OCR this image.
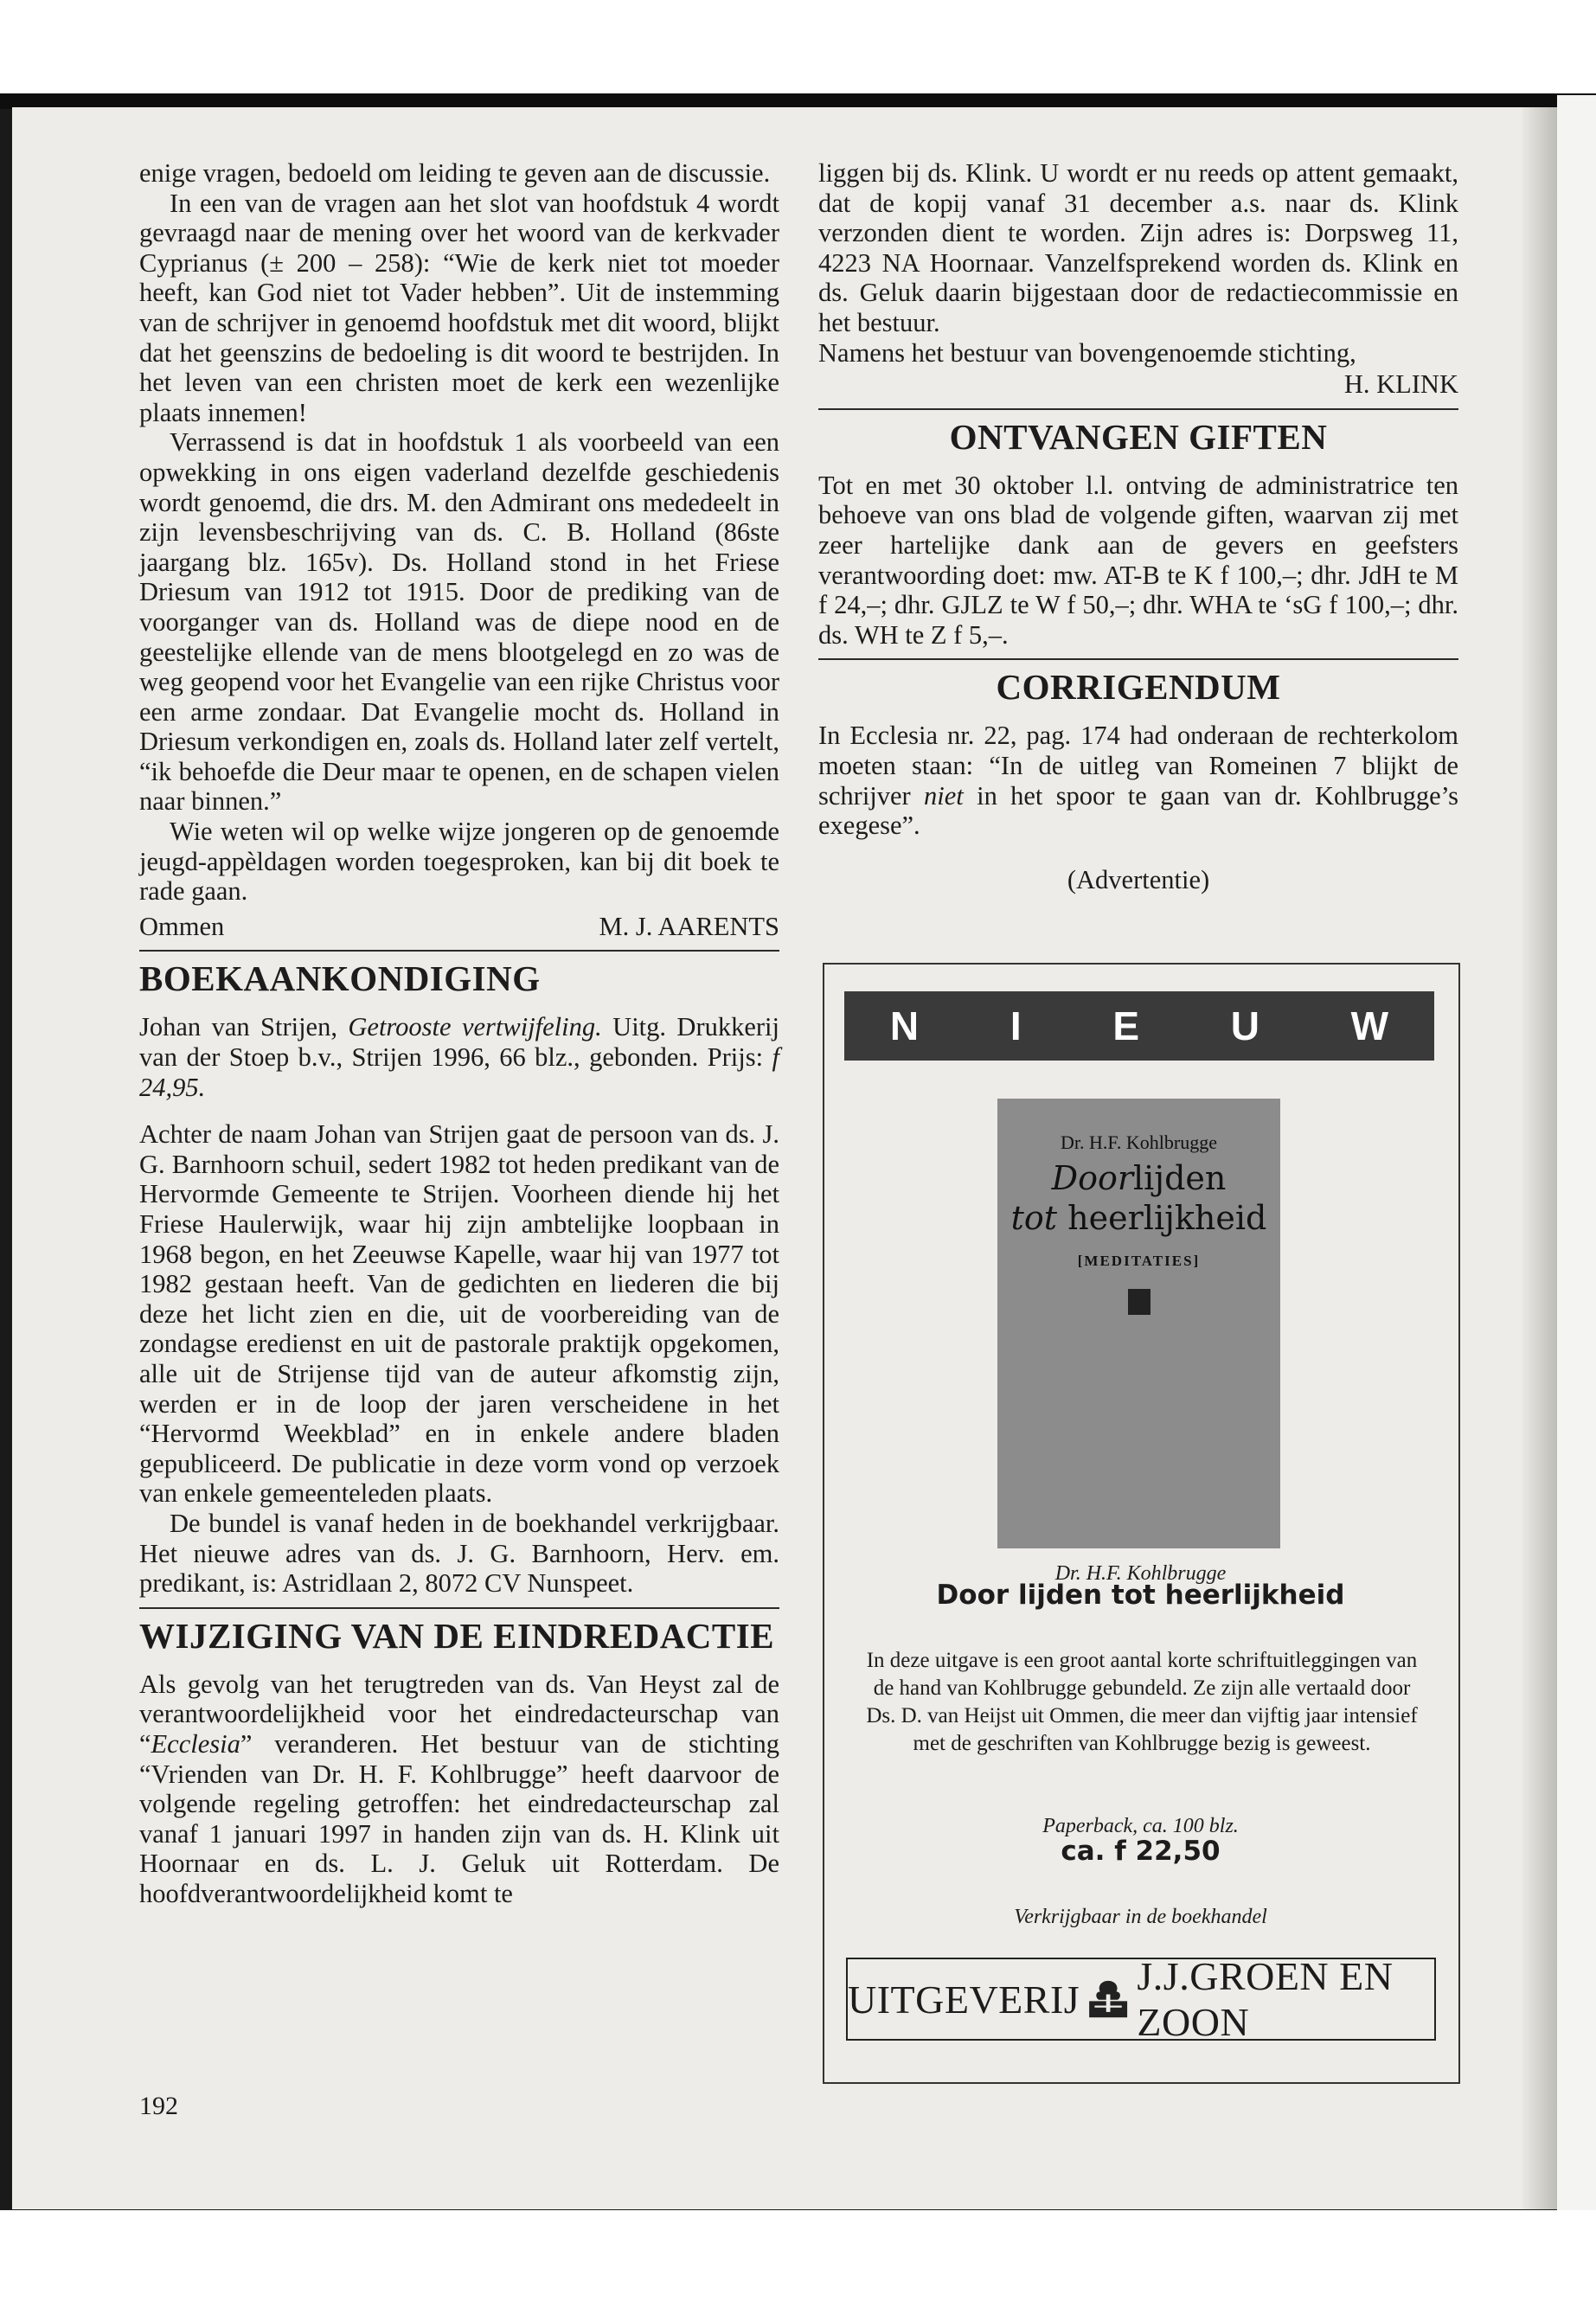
enige vragen, bedoeld om leiding te geven aan de discussie.

In een van de vragen aan het slot van hoofdstuk 4 wordt gevraagd naar de mening over het woord van de kerkvader Cyprianus (± 200 – 258): “Wie de kerk niet tot moeder heeft, kan God niet tot Vader hebben”. Uit de instemming van de schrijver in genoemd hoofdstuk met dit woord, blijkt dat het geenszins de bedoeling is dit woord te bestrijden. In het leven van een christen moet de kerk een wezenlijke plaats innemen!

Verrassend is dat in hoofdstuk 1 als voorbeeld van een opwekking in ons eigen vaderland dezelfde geschiedenis wordt genoemd, die drs. M. den Admirant ons mededeelt in zijn levensbeschrijving van ds. C. B. Holland (86ste jaargang blz. 165v). Ds. Holland stond in het Friese Driesum van 1912 tot 1915. Door de prediking van de voorganger van ds. Holland was de diepe nood en de geestelijke ellende van de mens blootgelegd en zo was de weg geopend voor het Evangelie van een rijke Christus voor een arme zondaar. Dat Evangelie mocht ds. Holland in Driesum verkondigen en, zoals ds. Holland later zelf vertelt, “ik behoefde die Deur maar te openen, en de schapen vielen naar binnen.”

Wie weten wil op welke wijze jongeren op de genoemde jeugd-appèldagen worden toegesproken, kan bij dit boek te rade gaan.

Ommen	M. J. AARENTS
BOEKAANKONDIGING

Johan van Strijen, Getrooste vertwijfeling. Uitg. Drukkerij van der Stoep b.v., Strijen 1996, 66 blz., gebonden. Prijs: f 24,95.

Achter de naam Johan van Strijen gaat de persoon van ds. J. G. Barnhoorn schuil, sedert 1982 tot heden predikant van de Hervormde Gemeente te Strijen. Voorheen diende hij het Friese Haulerwijk, waar hij zijn ambtelijke loopbaan in 1968 begon, en het Zeeuwse Kapelle, waar hij van 1977 tot 1982 gestaan heeft. Van de gedichten en liederen die bij deze het licht zien en die, uit de voorbereiding van de zondagse eredienst en uit de pastorale praktijk opgekomen, alle uit de Strijense tijd van de auteur afkomstig zijn, werden er in de loop der jaren verscheidene in het “Hervormd Weekblad” en in enkele andere bladen gepubliceerd. De publicatie in deze vorm vond op verzoek van enkele gemeenteleden plaats.

De bundel is vanaf heden in de boekhandel verkrijgbaar. Het nieuwe adres van ds. J. G. Barnhoorn, Herv. em. predikant, is: Astridlaan 2, 8072 CV Nunspeet.

WIJZIGING VAN DE EINDREDACTIE

Als gevolg van het terugtreden van ds. Van Heyst zal de verantwoordelijkheid voor het eindredacteurschap van “Ecclesia” veranderen. Het bestuur van de stichting “Vrienden van Dr. H. F. Kohlbrugge” heeft daarvoor de volgende regeling getroffen: het eindredacteurschap zal vanaf 1 januari 1997 in handen zijn van ds. H. Klink uit Hoornaar en ds. L. J. Geluk uit Rotterdam. De hoofdverantwoordelijkheid komt te

liggen bij ds. Klink. U wordt er nu reeds op attent gemaakt, dat de kopij vanaf 31 december a.s. naar ds. Klink verzonden dient te worden. Zijn adres is: Dorpsweg 11, 4223 NA Hoornaar. Vanzelfsprekend worden ds. Klink en ds. Geluk daarin bijgestaan door de redactiecommissie en het bestuur.

Namens het bestuur van bovengenoemde stichting,

H. KLINK
ONTVANGEN GIFTEN

Tot en met 30 oktober l.l. ontving de administratrice ten behoeve van ons blad de volgende giften, waarvan zij met zeer hartelijke dank aan de gevers en geefsters verantwoording doet: mw. AT-B te K f 100,–; dhr. JdH te M f 24,–; dhr. GJLZ te W f 50,–; dhr. WHA te ‘sG f 100,–; dhr. ds. WH te Z f 5,–.

CORRIGENDUM

In Ecclesia nr. 22, pag. 174 had onderaan de rechterkolom moeten staan: “In de uitleg van Romeinen 7 blijkt de schrijver niet in het spoor te gaan van dr. Kohlbrugge’s exegese”.

(Advertentie)
N I E U W
Dr. H.F. Kohlbrugge
Doorlijden
tot heerlijkheid
[MEDITATIES]
Dr. H.F. Kohlbrugge
Door lijden tot heerlijkheid
In deze uitgave is een groot aantal korte schriftuitleggingen van de hand van Kohlbrugge gebundeld. Ze zijn alle vertaald door Ds. D. van Heijst uit Ommen, die meer dan vijftig jaar intensief met de geschriften van Kohlbrugge bezig is geweest.
Paperback, ca. 100 blz.
ca. f 22,50
Verkrijgbaar in de boekhandel
UITGEVERIJ
J.J.GROEN EN ZOON
192
